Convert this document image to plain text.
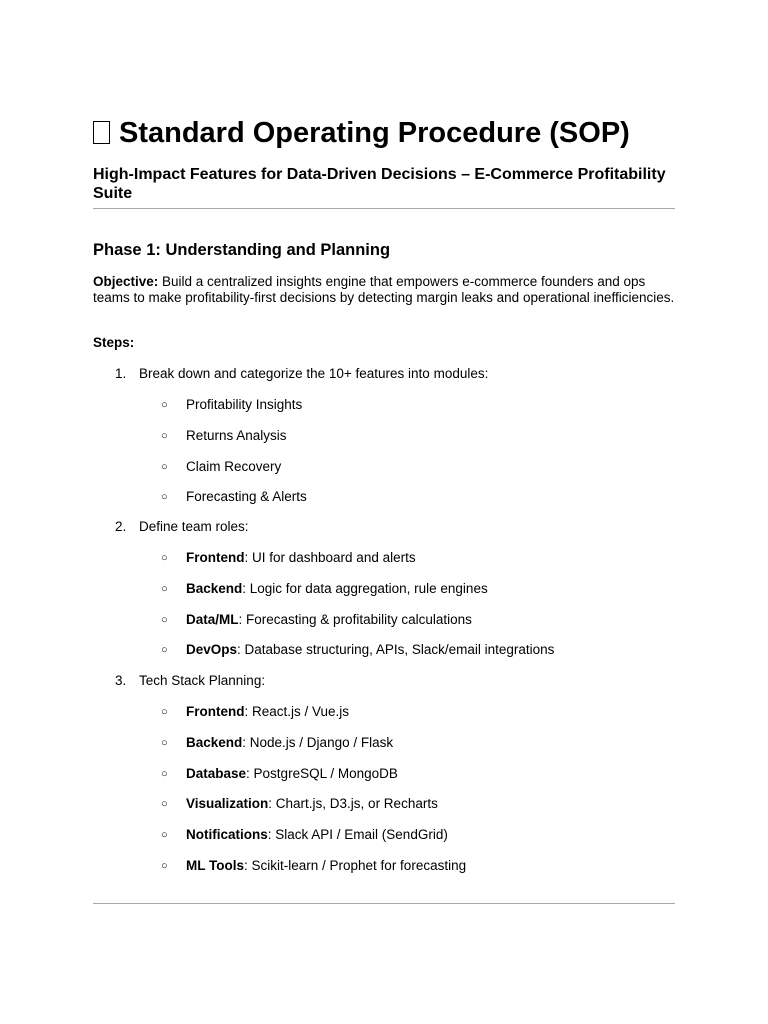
Standard Operating Procedure (SOP)
High-Impact Features for Data-Driven Decisions – E-Commerce Profitability Suite
Phase 1: Understanding and Planning
Objective: Build a centralized insights engine that empowers e-commerce founders and ops teams to make profitability-first decisions by detecting margin leaks and operational inefficiencies.
Steps:
1. Break down and categorize the 10+ features into modules:
○ Profitability Insights
○ Returns Analysis
○ Claim Recovery
○ Forecasting & Alerts
2. Define team roles:
○ Frontend: UI for dashboard and alerts
○ Backend: Logic for data aggregation, rule engines
○ Data/ML: Forecasting & profitability calculations
○ DevOps: Database structuring, APIs, Slack/email integrations
3. Tech Stack Planning:
○ Frontend: React.js / Vue.js
○ Backend: Node.js / Django / Flask
○ Database: PostgreSQL / MongoDB
○ Visualization: Chart.js, D3.js, or Recharts
○ Notifications: Slack API / Email (SendGrid)
○ ML Tools: Scikit-learn / Prophet for forecasting
